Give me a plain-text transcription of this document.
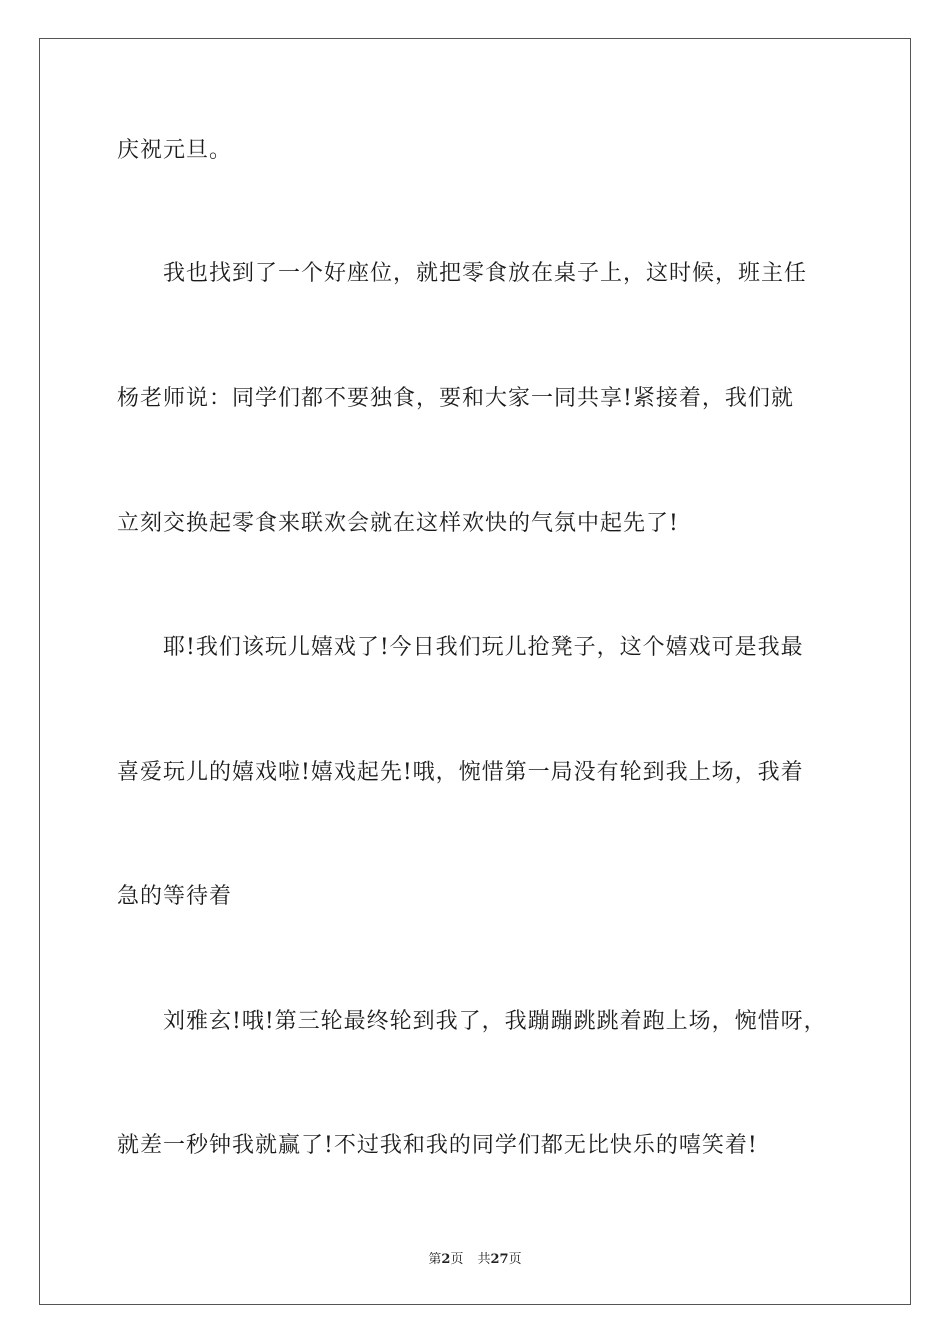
庆祝元旦。
我也找到了一个好座位，就把零食放在桌子上，这时候，班主任
杨老师说：同学们都不要独食，要和大家一同共享!紧接着，我们就
立刻交换起零食来联欢会就在这样欢快的气氛中起先了!
耶!我们该玩儿嬉戏了!今日我们玩儿抢凳子，这个嬉戏可是我最
喜爱玩儿的嬉戏啦!嬉戏起先!哦，惋惜第一局没有轮到我上场，我着
急的等待着
刘雅玄!哦!第三轮最终轮到我了，我蹦蹦跳跳着跑上场，惋惜呀，
就差一秒钟我就赢了!不过我和我的同学们都无比快乐的嘻笑着!
第2页 共27页
